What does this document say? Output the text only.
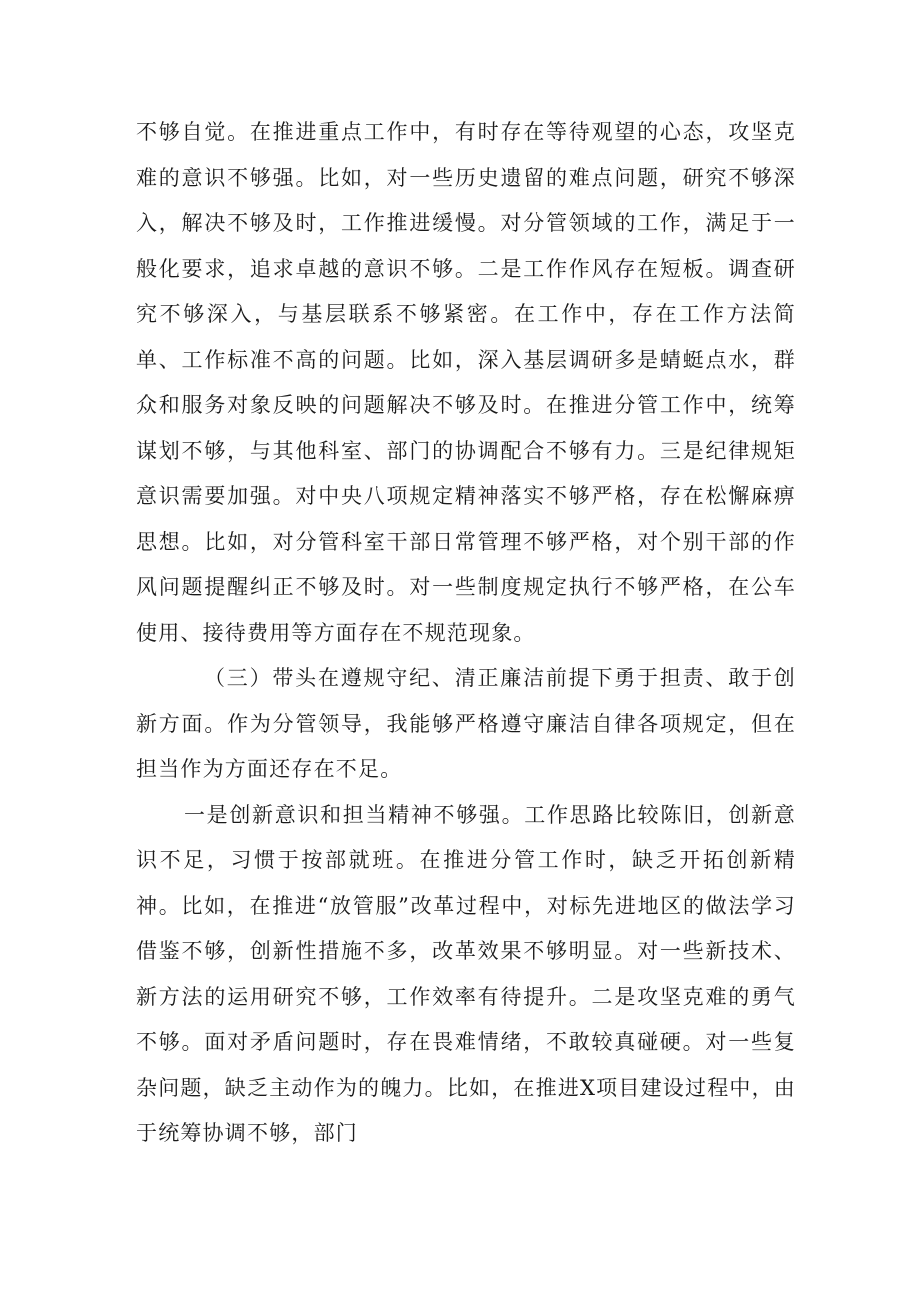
不够自觉。在推进重点工作中，有时存在等待观望的心态，攻坚克难的意识不够强。比如，对一些历史遗留的难点问题，研究不够深入，解决不够及时，工作推进缓慢。对分管领域的工作，满足于一般化要求，追求卓越的意识不够。二是工作作风存在短板。调查研究不够深入，与基层联系不够紧密。在工作中，存在工作方法简单、工作标准不高的问题。比如，深入基层调研多是蜻蜓点水，群众和服务对象反映的问题解决不够及时。在推进分管工作中，统筹谋划不够，与其他科室、部门的协调配合不够有力。三是纪律规矩意识需要加强。对中央八项规定精神落实不够严格，存在松懈麻痹思想。比如，对分管科室干部日常管理不够严格，对个别干部的作风问题提醒纠正不够及时。对一些制度规定执行不够严格，在公车使用、接待费用等方面存在不规范现象。

（三）带头在遵规守纪、清正廉洁前提下勇于担责、敢于创新方面。作为分管领导，我能够严格遵守廉洁自律各项规定，但在担当作为方面还存在不足。

一是创新意识和担当精神不够强。工作思路比较陈旧，创新意识不足，习惯于按部就班。在推进分管工作时，缺乏开拓创新精神。比如，在推进“放管服”改革过程中，对标先进地区的做法学习借鉴不够，创新性措施不多，改革效果不够明显。对一些新技术、新方法的运用研究不够，工作效率有待提升。二是攻坚克难的勇气不够。面对矛盾问题时，存在畏难情绪，不敢较真碰硬。对一些复杂问题，缺乏主动作为的魄力。比如，在推进X项目建设过程中，由于统筹协调不够，部门
